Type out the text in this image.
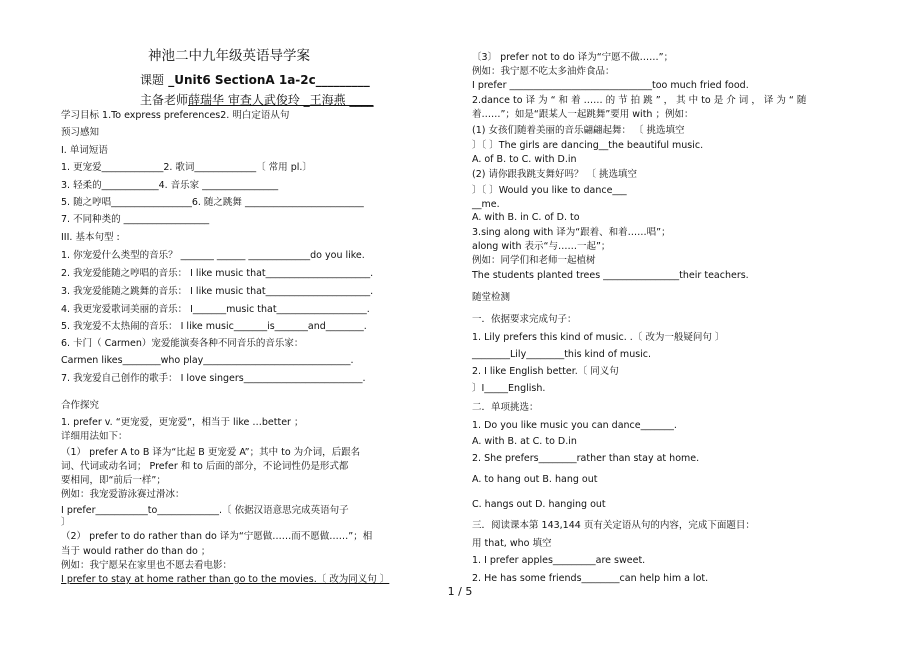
神池二中九年级英语导学案
课题 _Unit6 SectionA 1a-2c_________
主备老师薛瑞华 审查人武俊玲 _王海燕 ____
学习目标 1.To express preferences2. 明白定语从句
预习感知
I. 单词短语
1. 更宠爱_____________2. 歌词_____________〔 常用 pl.〕
3. 轻柔的____________4. 音乐家 ________________
5. 随之哼唱_________________6. 随之跳舞 _________________________
7. 不同种类的 __________________
III. 基本句型 :
1. 你宠爱什么类型的音乐？ _______ ______ _____________do you like.
2. 我宠爱能随之哼唱的音乐： I like music that______________________.
3. 我宠爱能随之跳舞的音乐： I like music that______________________.
4. 我更宠爱歌词美丽的音乐： I_______music that___________________.
5. 我宠爱不太热闹的音乐： I like music_______is_______and________.
6. 卡门（ Carmen）宠爱能演奏各种不同音乐的音乐家：
Carmen likes________who play_______________________________.
7. 我宠爱自己创作的歌手： I love singers_________________________.
合作探究
1. prefer v. “更宠爱，更宠爱”，相当于 like …better ；
详细用法如下：
（1） prefer A to B 译为“比起 B 更宠爱 A”；其中 to 为介词，后跟名
词、代词或动名词； Prefer 和 to 后面的部分，不论词性仍是形式都
要相同，即“前后一样”；
例如：我宠爱游泳赛过滑冰：
I prefer___________to_____________.〔 依据汉语意思完成英语句子
〕
（2） prefer to do rather than do 译为“宁愿做……而不愿做……”；相
当于 would rather do than do ；
例如：我宁愿呆在家里也不愿去看电影：
I prefer to stay at home rather than go to the movies.〔 改为同义句 〕
〔3〕 prefer not to do 译为“宁愿不做……”；
例如：我宁愿不吃太多油炸食品：
I prefer ______________________________too much fried food.
2.dance to 译 为 “ 和 着 …… 的 节 拍 跳 ” ， 其 中 to 是 介 词 ， 译 为 “ 随
着……”；如是“跟某人一起跳舞”要用 with ；例如：
(1) 女孩们随着美丽的音乐翩翩起舞： 〔 挑选填空
〕〔 〕The girls are dancing__the beautiful music.
A. of B. to C. with D.in
(2) 请你跟我跳支舞好吗？ 〔 挑选填空
〕〔 〕Would you like to dance___
__me.
A. with B. in C. of D. to
3.sing along with 译为“跟着、和着……唱”；
along with 表示“与……一起”；
例如：同学们和老师一起植树
The students planted trees ________________their teachers.
随堂检测
一．依据要求完成句子：
1. Lily prefers this kind of music. .〔 改为一般疑问句 〕
________Lily________this kind of music.
2. I like English better.〔 同义句
〕I_____English.
二．单项挑选：
1. Do you like music you can dance_______.
A. with B. at C. to D.in
2. She prefers________rather than stay at home.
A. to hang out B. hang out
C. hangs out D. hanging out
三．阅读课本第 143,144 页有关定语从句的内容，完成下面题目：
用 that, who 填空
1. I prefer apples_________are sweet.
2. He has some friends________can help him a lot.
1 / 5
